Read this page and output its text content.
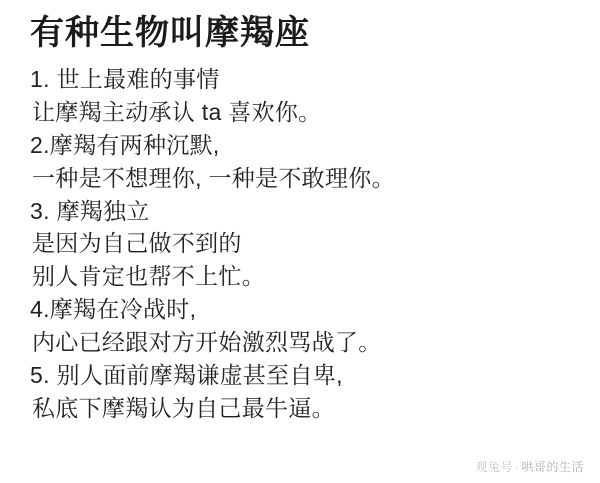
有种生物叫摩羯座
1. 世上最难的事情
让摩羯主动承认 ta 喜欢你。
2.摩羯有两种沉默,
一种是不想理你, 一种是不敢理你。
3. 摩羯独立
是因为自己做不到的
别人肯定也帮不上忙。
4.摩羯在冷战时,
内心已经跟对方开始激烈骂战了。
5. 别人面前摩羯谦虚甚至自卑,
私底下摩羯认为自己最牛逼。
观兔号 · 哄哥的生活
